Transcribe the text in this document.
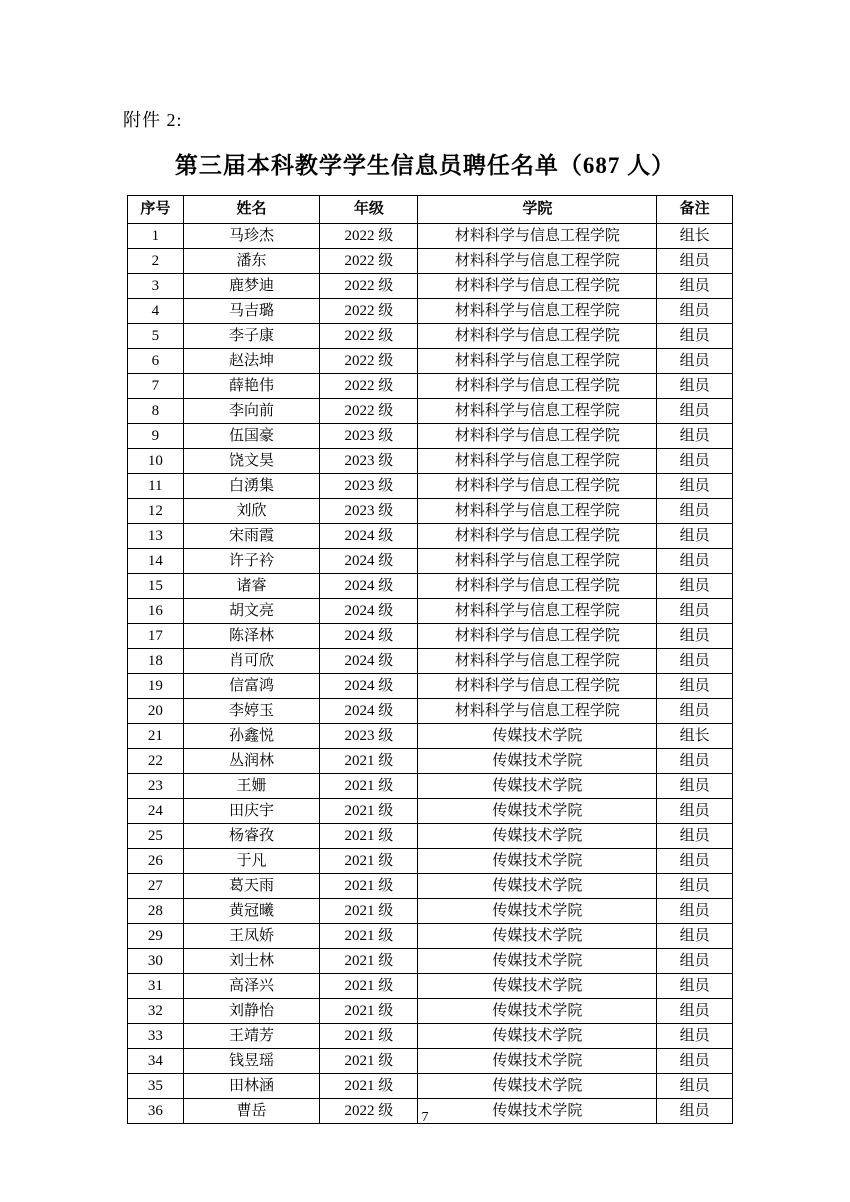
附件 2:
第三届本科教学学生信息员聘任名单（687 人）
序号	姓名	年级	学院	备注
1	马珍杰	2022 级	材料科学与信息工程学院	组长
2	潘东	2022 级	材料科学与信息工程学院	组员
3	鹿梦迪	2022 级	材料科学与信息工程学院	组员
4	马吉璐	2022 级	材料科学与信息工程学院	组员
5	李子康	2022 级	材料科学与信息工程学院	组员
6	赵法坤	2022 级	材料科学与信息工程学院	组员
7	薛艳伟	2022 级	材料科学与信息工程学院	组员
8	李向前	2022 级	材料科学与信息工程学院	组员
9	伍国豪	2023 级	材料科学与信息工程学院	组员
10	饶文昊	2023 级	材料科学与信息工程学院	组员
11	白湧集	2023 级	材料科学与信息工程学院	组员
12	刘欣	2023 级	材料科学与信息工程学院	组员
13	宋雨霞	2024 级	材料科学与信息工程学院	组员
14	许子衿	2024 级	材料科学与信息工程学院	组员
15	诸睿	2024 级	材料科学与信息工程学院	组员
16	胡文亮	2024 级	材料科学与信息工程学院	组员
17	陈泽林	2024 级	材料科学与信息工程学院	组员
18	肖可欣	2024 级	材料科学与信息工程学院	组员
19	信富鸿	2024 级	材料科学与信息工程学院	组员
20	李婷玉	2024 级	材料科学与信息工程学院	组员
21	孙鑫悦	2023 级	传媒技术学院	组长
22	丛润林	2021 级	传媒技术学院	组员
23	王姗	2021 级	传媒技术学院	组员
24	田庆宇	2021 级	传媒技术学院	组员
25	杨睿孜	2021 级	传媒技术学院	组员
26	于凡	2021 级	传媒技术学院	组员
27	葛天雨	2021 级	传媒技术学院	组员
28	黄冠曦	2021 级	传媒技术学院	组员
29	王凤娇	2021 级	传媒技术学院	组员
30	刘士林	2021 级	传媒技术学院	组员
31	高泽兴	2021 级	传媒技术学院	组员
32	刘静怡	2021 级	传媒技术学院	组员
33	王靖芳	2021 级	传媒技术学院	组员
34	钱昱瑶	2021 级	传媒技术学院	组员
35	田林涵	2021 级	传媒技术学院	组员
36	曹岳	2022 级	传媒技术学院	组员
7
